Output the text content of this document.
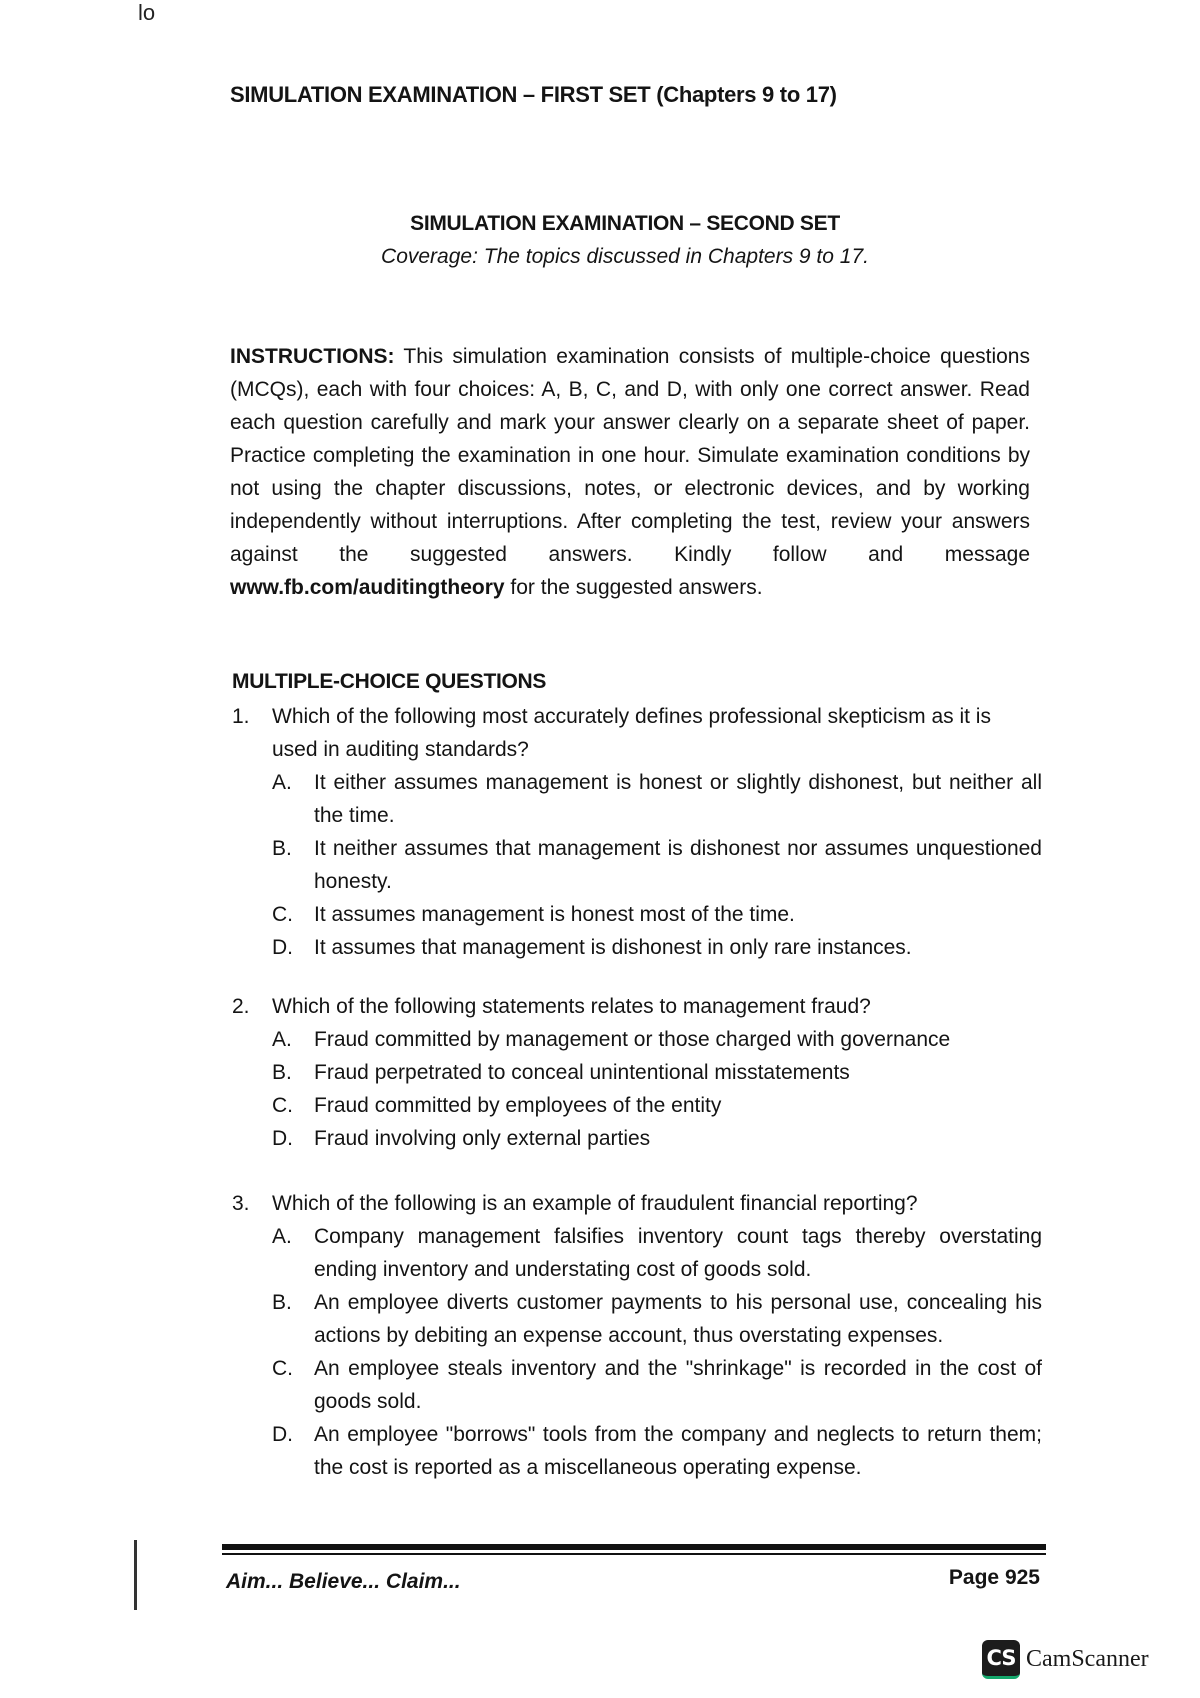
lo
SIMULATION EXAMINATION – FIRST SET (Chapters 9 to 17)
SIMULATION EXAMINATION – SECOND SET
Coverage: The topics discussed in Chapters 9 to 17.

INSTRUCTIONS: This simulation examination consists of multiple-choice questions (MCQs), each with four choices: A, B, C, and D, with only one correct answer. Read each question carefully and mark your answer clearly on a separate sheet of paper. Practice completing the examination in one hour. Simulate examination conditions by not using the chapter discussions, notes, or electronic devices, and by working independently without interruptions. After completing the test, review your answers against the suggested answers. Kindly follow and message www.fb.com/auditingtheory for the suggested answers.

MULTIPLE-CHOICE QUESTIONS
1.	Which of the following most accurately defines professional skepticism as it is used in auditing standards?
A.	It either assumes management is honest or slightly dishonest, but neither all the time.
B.	It neither assumes that management is dishonest nor assumes unquestioned honesty.
C.	It assumes management is honest most of the time.
D.	It assumes that management is dishonest in only rare instances.
2.	Which of the following statements relates to management fraud?
A.	Fraud committed by management or those charged with governance
B.	Fraud perpetrated to conceal unintentional misstatements
C.	Fraud committed by employees of the entity
D.	Fraud involving only external parties
3.	Which of the following is an example of fraudulent financial reporting?
A.	Company management falsifies inventory count tags thereby overstating ending inventory and understating cost of goods sold.
B.	An employee diverts customer payments to his personal use, concealing his actions by debiting an expense account, thus overstating expenses.
C.	An employee steals inventory and the "shrinkage" is recorded in the cost of goods sold.
D.	An employee "borrows" tools from the company and neglects to return them; the cost is reported as a miscellaneous operating expense.
Aim... Believe... Claim...	Page 925
CS CamScanner
